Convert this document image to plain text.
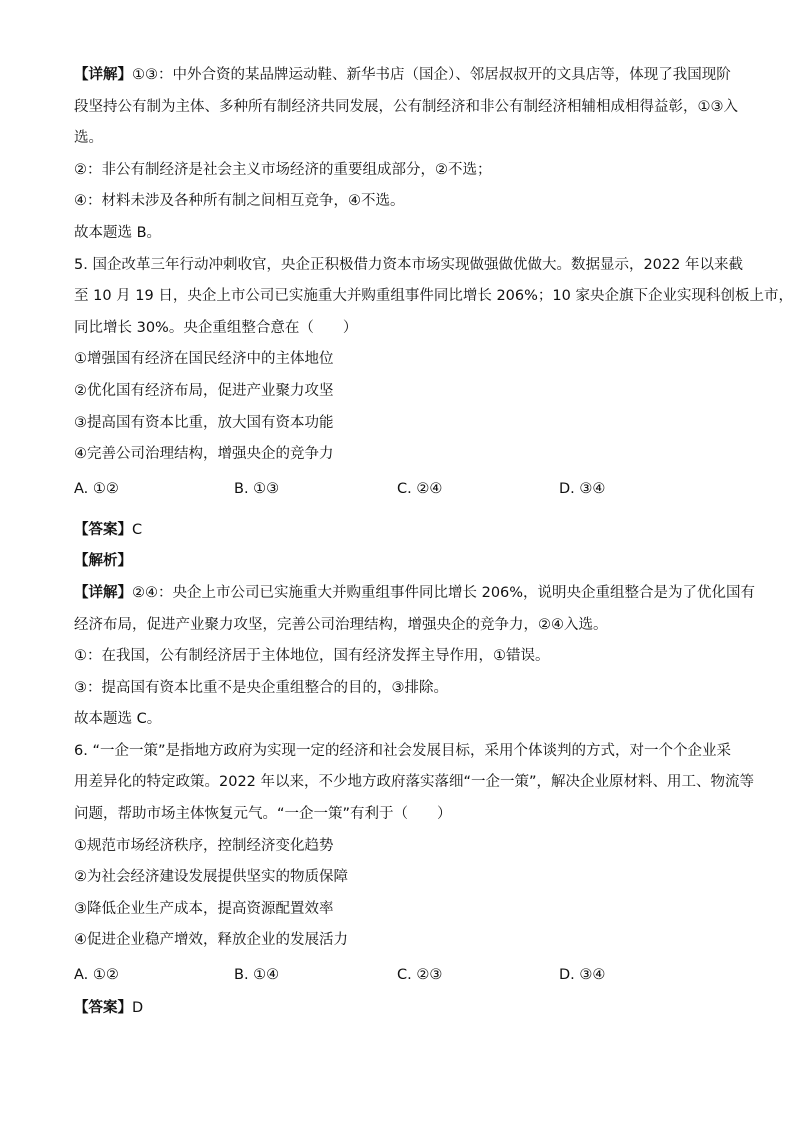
【详解】①③：中外合资的某品牌运动鞋、新华书店（国企）、邻居叔叔开的文具店等，体现了我国现阶
段坚持公有制为主体、多种所有制经济共同发展，公有制经济和非公有制经济相辅相成相得益彰，①③入
选。
②：非公有制经济是社会主义市场经济的重要组成部分，②不选；
④：材料未涉及各种所有制之间相互竞争，④不选。
故本题选 B。
5. 国企改革三年行动冲刺收官，央企正积极借力资本市场实现做强做优做大。数据显示，2022 年以来截
至 10 月 19 日，央企上市公司已实施重大并购重组事件同比增长 206%；10 家央企旗下企业实现科创板上市，
同比增长 30%。央企重组整合意在（　　）
①增强国有经济在国民经济中的主体地位
②优化国有经济布局，促进产业聚力攻坚
③提高国有资本比重，放大国有资本功能
④完善公司治理结构，增强央企的竞争力
A. ①②	B. ①③	C. ②④	D. ③④
【答案】C
【解析】
【详解】②④：央企上市公司已实施重大并购重组事件同比增长 206%，说明央企重组整合是为了优化国有
经济布局，促进产业聚力攻坚，完善公司治理结构，增强央企的竞争力，②④入选。
①：在我国，公有制经济居于主体地位，国有经济发挥主导作用，①错误。
③：提高国有资本比重不是央企重组整合的目的，③排除。
故本题选 C。
6. “一企一策”是指地方政府为实现一定的经济和社会发展目标，采用个体谈判的方式，对一个个企业采
用差异化的特定政策。2022 年以来，不少地方政府落实落细“一企一策”，解决企业原材料、用工、物流等
问题，帮助市场主体恢复元气。“一企一策”有利于（　　）
①规范市场经济秩序，控制经济变化趋势
②为社会经济建设发展提供坚实的物质保障
③降低企业生产成本，提高资源配置效率
④促进企业稳产增效，释放企业的发展活力
A. ①②	B. ①④	C. ②③	D. ③④
【答案】D
